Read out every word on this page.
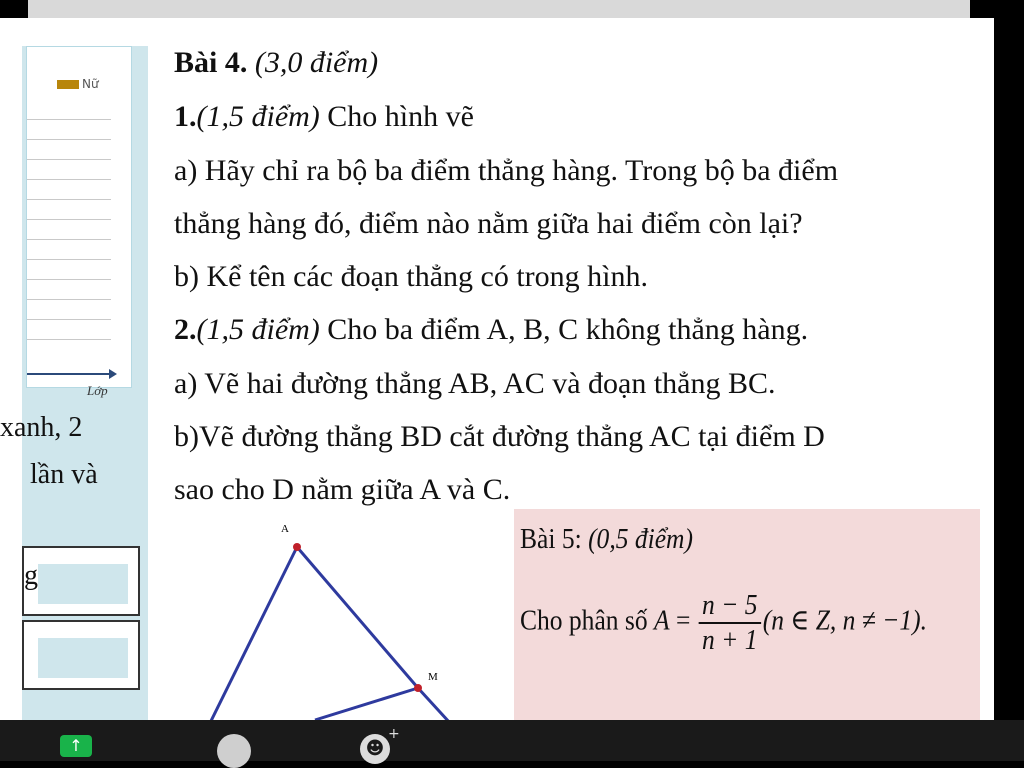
Nữ
Lớp
xanh, 2
lần và
g
Bài 4. (3,0 điểm)
1.(1,5 điểm) Cho hình vẽ
a) Hãy chỉ ra bộ ba điểm thẳng hàng. Trong bộ ba điểm
thẳng hàng đó, điểm nào nằm giữa hai điểm còn lại?
b) Kể tên các đoạn thẳng có trong hình.
2.(1,5 điểm) Cho ba điểm A, B, C không thẳng hàng.
a) Vẽ hai đường thẳng AB, AC và đoạn thẳng BC.
b)Vẽ đường thẳng BD cắt đường thẳng AC tại điểm D
sao cho D nằm giữa A và C.
A
M
Bài 5: (0,5 điểm)
Cho phân số $A = \frac{n - 5}{n + 1} (n$ ∈ Z, n ≠ −1).
↑	☻
+
